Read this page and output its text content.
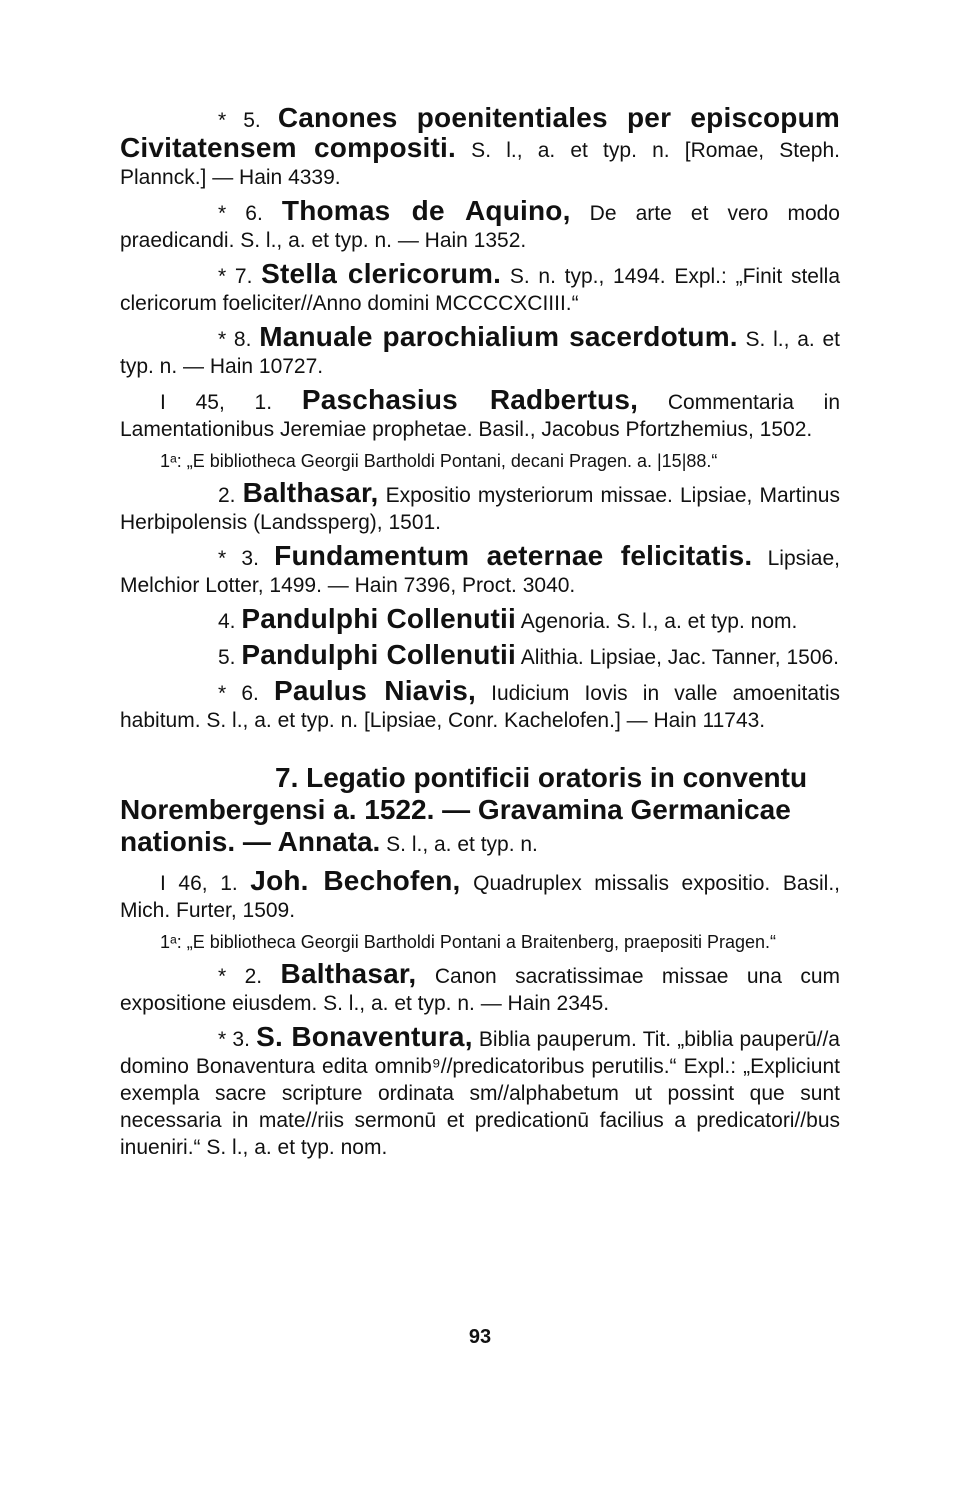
* 5. Canones poenitentiales per episcopum Civitatensem compositi. S. l., a. et typ. n. [Romae, Steph. Plannck.] — Hain 4339.

* 6. Thomas de Aquino, De arte et vero modo praedicandi. S. l., a. et typ. n. — Hain 1352.

* 7. Stella clericorum. S. n. typ., 1494. Expl.: „Finit stella clericorum foeliciter//Anno domini MCCCCXCIIII.“

* 8. Manuale parochialium sacerdotum. S. l., a. et typ. n. — Hain 10727.

I 45, 1. Paschasius Radbertus, Commentaria in Lamentationibus Jeremiae prophetae. Basil., Jacobus Pfortzhemius, 1502.

1ᵃ: „E bibliotheca Georgii Bartholdi Pontani, decani Pragen. a. |15|88.“

2. Balthasar, Expositio mysteriorum missae. Lipsiae, Martinus Herbipolensis (Landssperg), 1501.

* 3. Fundamentum aeternae felicitatis. Lipsiae, Melchior Lotter, 1499. — Hain 7396, Proct. 3040.

4. Pandulphi Collenutii Agenoria. S. l., a. et typ. nom.

5. Pandulphi Collenutii Alithia. Lipsiae, Jac. Tanner, 1506.

* 6. Paulus Niavis, Iudicium Iovis in valle amoenitatis habitum. S. l., a. et typ. n. [Lipsiae, Conr. Kachelofen.] — Hain 11743.

7. Legatio pontificii oratoris in conventu Norembergensi a. 1522. — Gravamina Germanicae nationis. — Annata. S. l., a. et typ. n.

I 46, 1. Joh. Bechofen, Quadruplex missalis expositio. Basil., Mich. Furter, 1509.

1ᵃ: „E bibliotheca Georgii Bartholdi Pontani a Braitenberg, praepositi Pragen.“

* 2. Balthasar, Canon sacratissimae missae una cum expositione eiusdem. S. l., a. et typ. n. — Hain 2345.

* 3. S. Bonaventura, Biblia pauperum. Tit. „biblia pauperū//a domino Bonaventura edita omnib⁹//predicatoribus perutilis.“ Expl.: „Expliciunt exempla sacre scripture ordinata sm//alphabetum ut possint que sunt necessaria in mate//riis sermonū et predicationū facilius a predicatori//bus inueniri.“ S. l., a. et typ. nom.

93
